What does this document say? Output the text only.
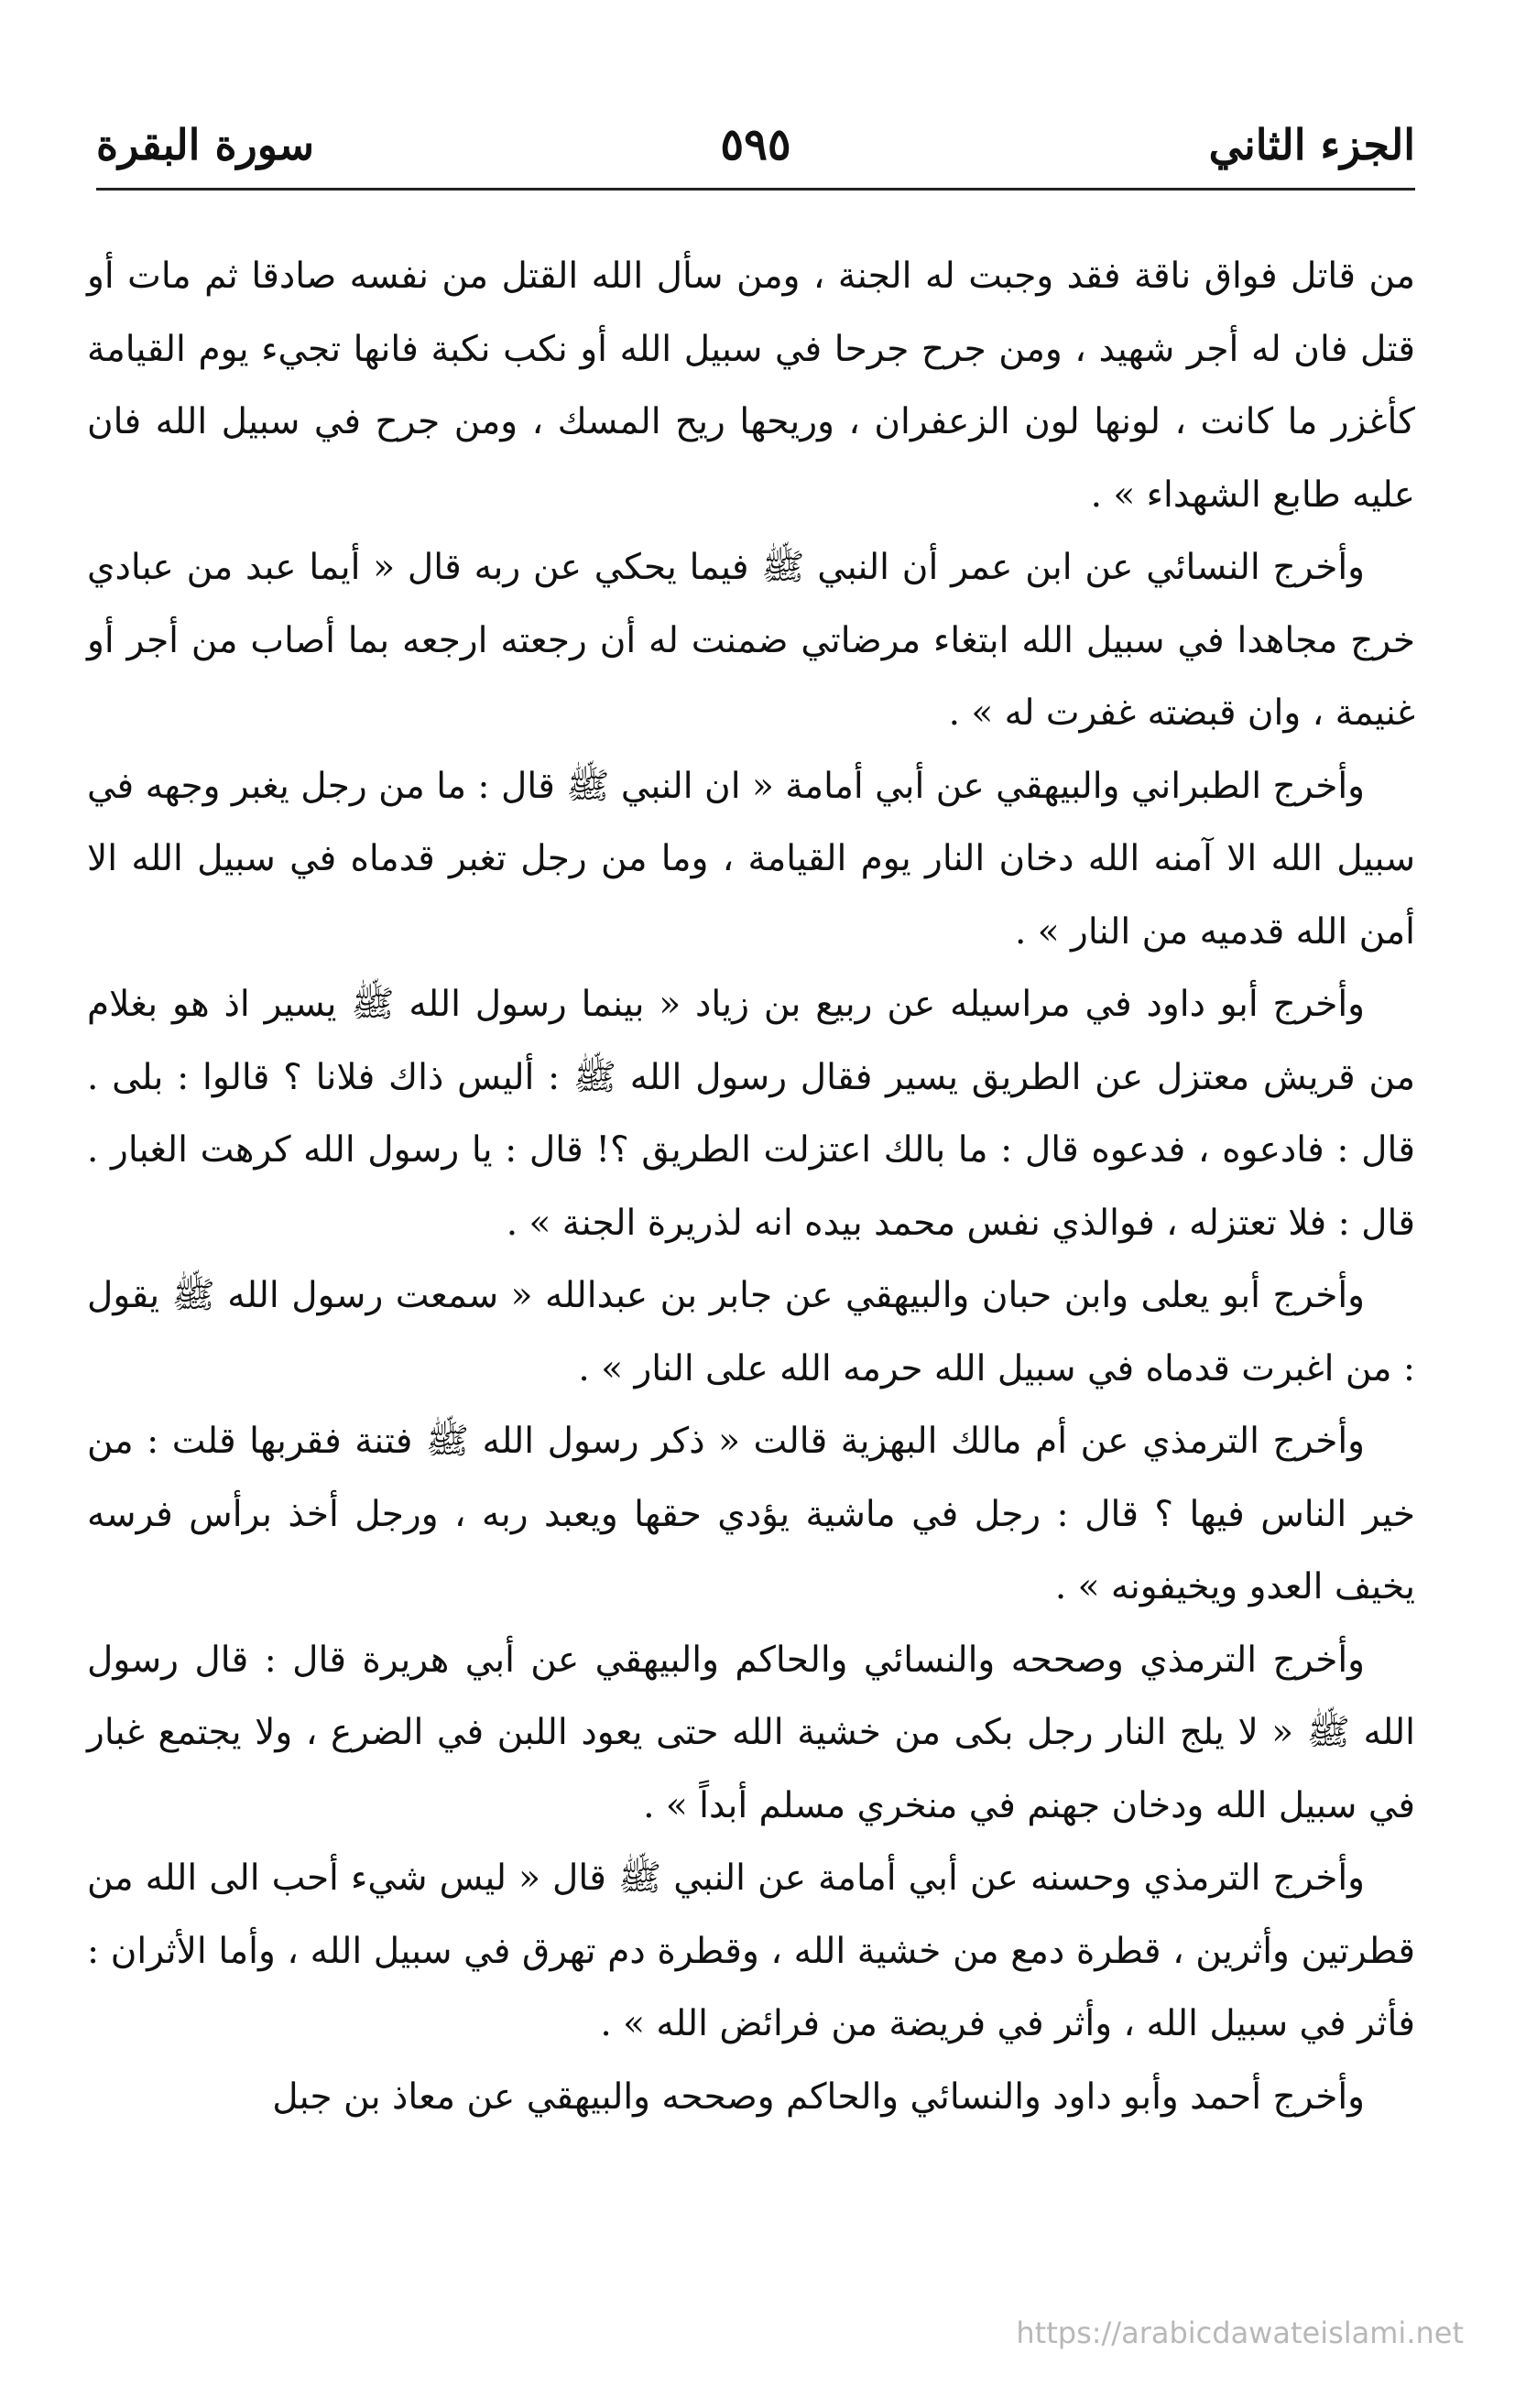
الجزء الثاني
٥٩٥
سورة البقرة

من قاتل فواق ناقة فقد وجبت له الجنة ، ومن سأل الله القتل من نفسه صادقا ثم مات أو قتل فان له أجر شهيد ، ومن جرح جرحا في سبيل الله أو نكب نكبة فانها تجيء يوم القيامة كأغزر ما كانت ، لونها لون الزعفران ، وريحها ريح المسك ، ومن جرح في سبيل الله فان عليه طابع الشهداء » .

وأخرج النسائي عن ابن عمر أن النبي ﷺ فيما يحكي عن ربه قال « أيما عبد من عبادي خرج مجاهدا في سبيل الله ابتغاء مرضاتي ضمنت له أن رجعته ارجعه بما أصاب من أجر أو غنيمة ، وان قبضته غفرت له » .

وأخرج الطبراني والبيهقي عن أبي أمامة « ان النبي ﷺ قال : ما من رجل يغبر وجهه في سبيل الله الا آمنه الله دخان النار يوم القيامة ، وما من رجل تغبر قدماه في سبيل الله الا أمن الله قدميه من النار » .

وأخرج أبو داود في مراسيله عن ربيع بن زياد « بينما رسول الله ﷺ يسير اذ هو بغلام من قريش معتزل عن الطريق يسير فقال رسول الله ﷺ : أليس ذاك فلانا ؟ قالوا : بلى . قال : فادعوه ، فدعوه قال : ما بالك اعتزلت الطريق ؟! قال : يا رسول الله كرهت الغبار . قال : فلا تعتزله ، فوالذي نفس محمد بيده انه لذريرة الجنة » .

وأخرج أبو يعلى وابن حبان والبيهقي عن جابر بن عبدالله « سمعت رسول الله ﷺ يقول : من اغبرت قدماه في سبيل الله حرمه الله على النار » .

وأخرج الترمذي عن أم مالك البهزية قالت « ذكر رسول الله ﷺ فتنة فقربها قلت : من خير الناس فيها ؟ قال : رجل في ماشية يؤدي حقها ويعبد ربه ، ورجل أخذ برأس فرسه يخيف العدو ويخيفونه » .

وأخرج الترمذي وصححه والنسائي والحاكم والبيهقي عن أبي هريرة قال : قال رسول الله ﷺ « لا يلج النار رجل بكى من خشية الله حتى يعود اللبن في الضرع ، ولا يجتمع غبار في سبيل الله ودخان جهنم في منخري مسلم أبداً » .

وأخرج الترمذي وحسنه عن أبي أمامة عن النبي ﷺ قال « ليس شيء أحب الى الله من قطرتين وأثرين ، قطرة دمع من خشية الله ، وقطرة دم تهرق في سبيل الله ، وأما الأثران : فأثر في سبيل الله ، وأثر في فريضة من فرائض الله » .

وأخرج أحمد وأبو داود والنسائي والحاكم وصححه والبيهقي عن معاذ بن جبل

https://arabicdawateislami.net
